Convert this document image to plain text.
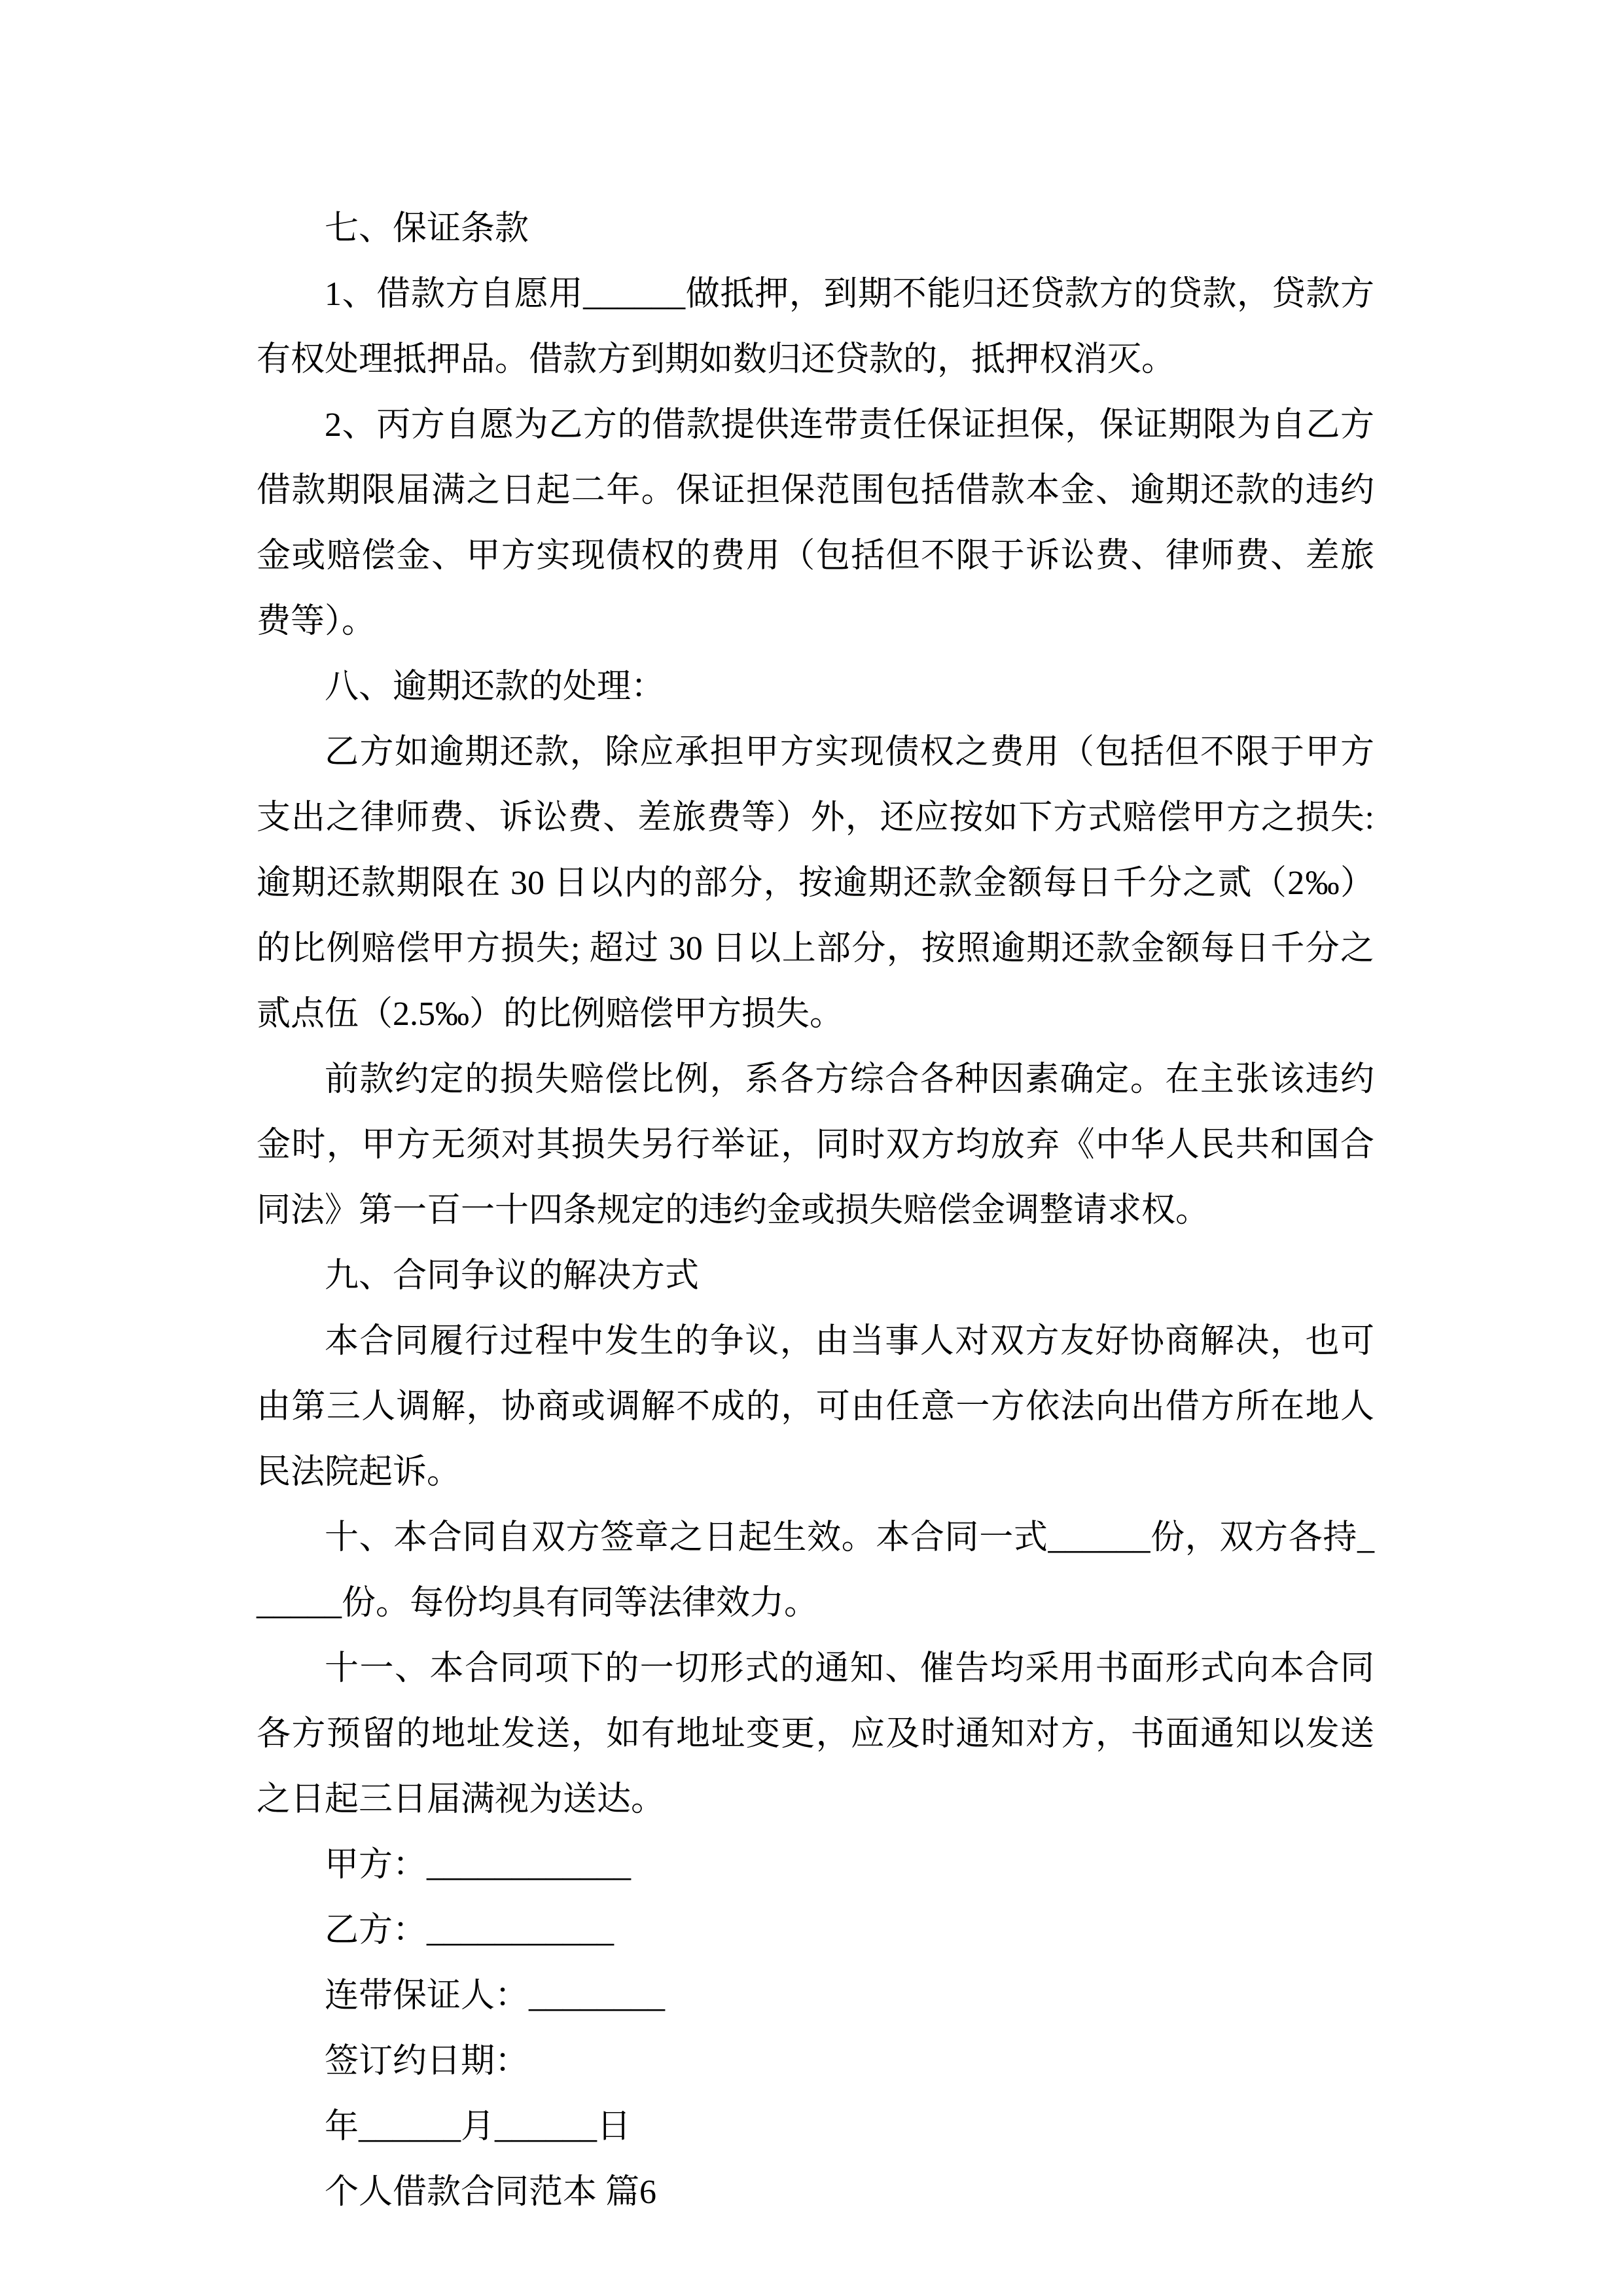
七、保证条款

1、借款方自愿用______做抵押，到期不能归还贷款方的贷款，贷款方有权处理抵押品。借款方到期如数归还贷款的，抵押权消灭。

2、丙方自愿为乙方的借款提供连带责任保证担保，保证期限为自乙方借款期限届满之日起二年。保证担保范围包括借款本金、逾期还款的违约金或赔偿金、甲方实现债权的费用（包括但不限于诉讼费、律师费、差旅费等）。

八、逾期还款的处理：

乙方如逾期还款，除应承担甲方实现债权之费用（包括但不限于甲方支出之律师费、诉讼费、差旅费等）外，还应按如下方式赔偿甲方之损失: 逾期还款期限在 30 日以内的部分，按逾期还款金额每日千分之贰（2‰）的比例赔偿甲方损失; 超过 30 日以上部分，按照逾期还款金额每日千分之贰点伍（2.5‰）的比例赔偿甲方损失。

前款约定的损失赔偿比例，系各方综合各种因素确定。在主张该违约金时，甲方无须对其损失另行举证，同时双方均放弃《中华人民共和国合同法》第一百一十四条规定的违约金或损失赔偿金调整请求权。

九、合同争议的解决方式

本合同履行过程中发生的争议，由当事人对双方友好协商解决，也可由第三人调解，协商或调解不成的，可由任意一方依法向出借方所在地人民法院起诉。

十、本合同自双方签章之日起生效。本合同一式______份，双方各持______份。每份均具有同等法律效力。

十一、本合同项下的一切形式的通知、催告均采用书面形式向本合同各方预留的地址发送，如有地址变更，应及时通知对方，书面通知以发送之日起三日届满视为送达。

甲方：____________

乙方：___________

连带保证人：________

签订约日期：

年______月______日

个人借款合同范本 篇6
